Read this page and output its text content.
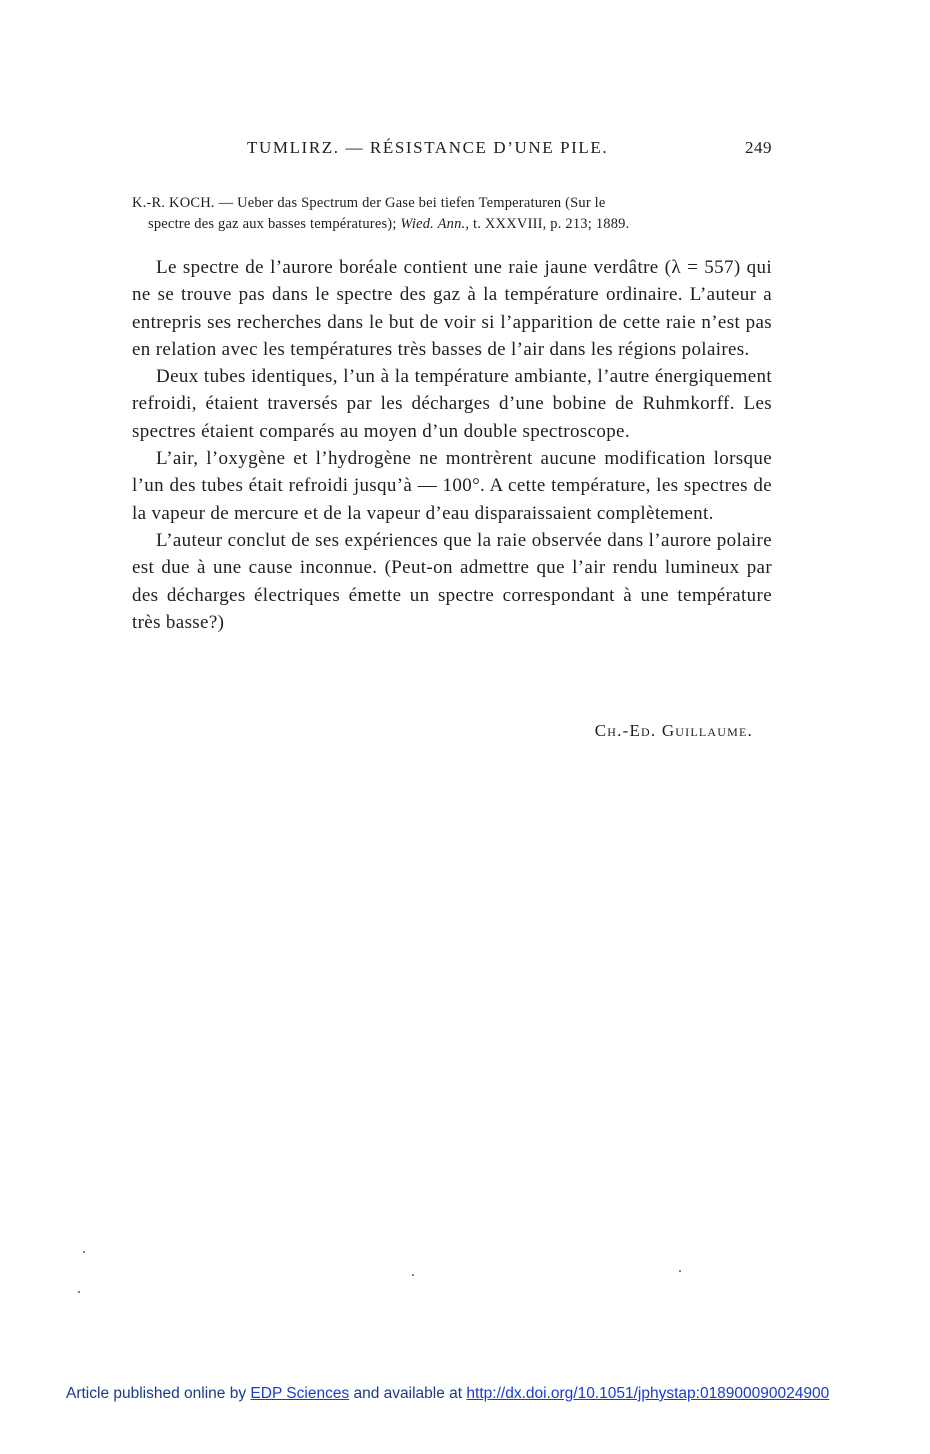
TUMLIRZ. — RÉSISTANCE D’UNE PILE.	249
K.-R. KOCH. — Ueber das Spectrum der Gase bei tiefen Temperaturen (Sur le
spectre des gaz aux basses températures); Wied. Ann., t. XXXVIII, p. 213; 1889.

Le spectre de l’aurore boréale contient une raie jaune verdâtre (λ = 557) qui ne se trouve pas dans le spectre des gaz à la température ordinaire. L’auteur a entrepris ses recherches dans le but de voir si l’apparition de cette raie n’est pas en relation avec les températures très basses de l’air dans les régions polaires.

Deux tubes identiques, l’un à la température ambiante, l’autre énergiquement refroidi, étaient traversés par les décharges d’une bobine de Ruhmkorff. Les spectres étaient comparés au moyen d’un double spectroscope.

L’air, l’oxygène et l’hydrogène ne montrèrent aucune modification lorsque l’un des tubes était refroidi jusqu’à — 100°. A cette température, les spectres de la vapeur de mercure et de la vapeur d’eau disparaissaient complètement.

L’auteur conclut de ses expériences que la raie observée dans l’aurore polaire est due à une cause inconnue. (Peut-on admettre que l’air rendu lumineux par des décharges électriques émette un spectre correspondant à une température très basse?)

Ch.-Ed. Guillaume.
Article published online by EDP Sciences and available at http://dx.doi.org/10.1051/jphystap:018900090024900
